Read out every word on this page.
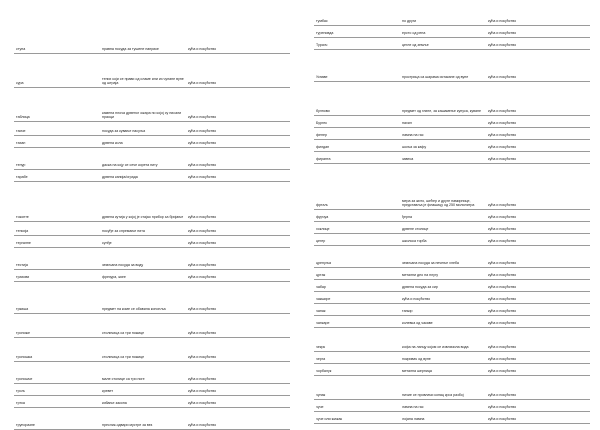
ступа	правна посуда за тушене паприке	кућа и покућство
сура	тепих који се прави од сламе или из чупане вуне од штраја	кућа и покућство
таблица	камена плоча дрвеног ожара по којој су писали праоци	кућа и покућство
таиче	посуда за кување пасуља	кућа и покућство
тахан	дрвена кола	кућа и покућство
тенур	даска на коју се сече корета питу	кућа и покућство
тарабе	дрвена капија/ограда	кућа и покућство
токонте	дрвена кутија у којој је стајао прибор за бријање	кућа и покућство
тепсија	посуђе за спремање пита	кућа и покућство
тергалне	сунђе	кућа и покућство
тестија	земљана посуда за воду	кућа и покућство
трахови	фрезура, жиге	кућа и покућство
тркиша	предмет на коме се обавила конопља	кућа и покућство
троноже	столичица са три ножице	кућа и покућство
троношка	столичица са три ножице	кућа и покућство
троношче	мале столице са три ноге	кућа и покућство
трољ	кревет	кућа и покућство
тртка	кибање закона	кућа и покућство
трупоразне	преслик-одвари мустре за вез	кућа и покућство
тумбас	по други	кућа и покућство
туреновда	ерсто од репа	кућа и покућство
Турсич	цегле од земље	кућа и покућство
Укпаве	прострица са шарама истакане од вуне	кућа и покућство
булпови	предмет од глине, за кашамење купуса, куване	кућа и покућство
Бургек	нахил	кућа и покућство
фенер	лампа на гас	кућа и покућство
филдан	шоља за кафу	кућа и покућство
фиранта	завеса	кућа и покућство
фртаљ	мера за жито, шећер и друге намирнице, представља је флашицу од 250 милилитра	кућа и покућство
фурчуа	ђерна	кућа и покућство
хоклице	дрвене столице	кућа и покућство
цегер	школска торба	кућа и покућство
црепуља	земљана посуда за печење хлеба	кућа и покућство
цртак	метални део на плугу	кућа и покућство
чабар	дрвена посуда за сир	кућа и покућство
чакшире	кућа и покућство	кућа и покућство
чанак	тањир	кућа и покућство
чапкаре	колевка од чакаве	кућа и покућство
чекрк	кофа на ланцу којом се извлачила вода	кућа и покућство
черга	покривач од вуне	кућа и покућство
чорбалук	метална шерпица	кућа и покућство
чунак	ничие се провлачи конац кроз разбој	кућа и покућство
чуче	лампа на гас	кућа и покућство
чуче или жижак	лојана лампа	кућа и покућство
